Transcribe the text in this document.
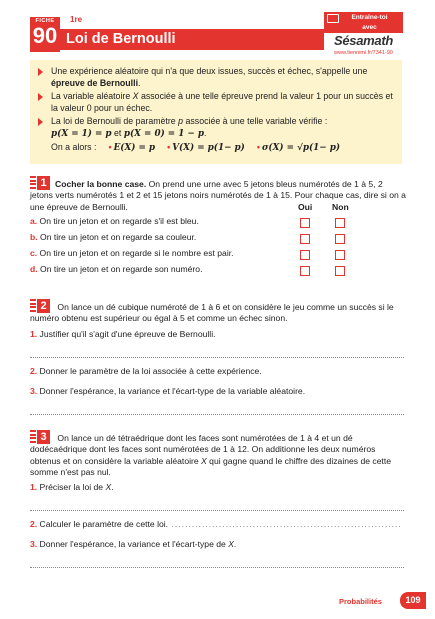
FICHE
90
1re
Loi de Bernoulli
Entraîne-toi
avec
Sésamath
www.tiennimi.fr/7341-90
Une expérience aléatoire qui n'a que deux issues, succès et échec, s'appelle une épreuve de Bernoulli.
La variable aléatoire X associée à une telle épreuve prend la valeur 1 pour un succès et la valeur 0 pour un échec.
La loi de Bernoulli de paramètre p associée à une telle variable vérifie :
p(X = 1) = p et p(X = 0) = 1 − p.
On a alors : • E(X) = p • V(X) = p(1− p) • σ(X) = √p(1− p)
1 Cocher la bonne case. On prend une urne avec 5 jetons bleus numérotés de 1 à 5, 2 jetons verts numérotés 1 et 2 et 15 jetons noirs numérotés de 1 à 15. Pour chaque cas, dire si on a une épreuve de Bernoulli.	Oui Non
a. On tire un jeton et on regarde s'il est bleu.
b. On tire un jeton et on regarde sa couleur.
c. On tire un jeton et on regarde si le nombre est pair.
d. On tire un jeton et on regarde son numéro.
2 On lance un dé cubique numéroté de 1 à 6 et on considère le jeu comme un succès si le numéro obtenu est supérieur ou égal à 5 et comme un échec sinon.
1. Justifier qu'il s'agit d'une épreuve de Bernoulli.
2. Donner le paramètre de la loi associée à cette expérience.
3. Donner l'espérance, la variance et l'écart-type de la variable aléatoire.
3 On lance un dé tétraédrique dont les faces sont numérotées de 1 à 4 et un dé dodécaédrique dont les faces sont numérotées de 1 à 12. On additionne les deux numéros obtenus et on considère la variable aléatoire X qui gagne quand le chiffre des dizaines de cette somme n'est pas nul.
1. Préciser la loi de X.
2. Calculer le paramètre de cette loi. ....................................................................
3. Donner l'espérance, la variance et l'écart-type de X.
Probabilités	109
